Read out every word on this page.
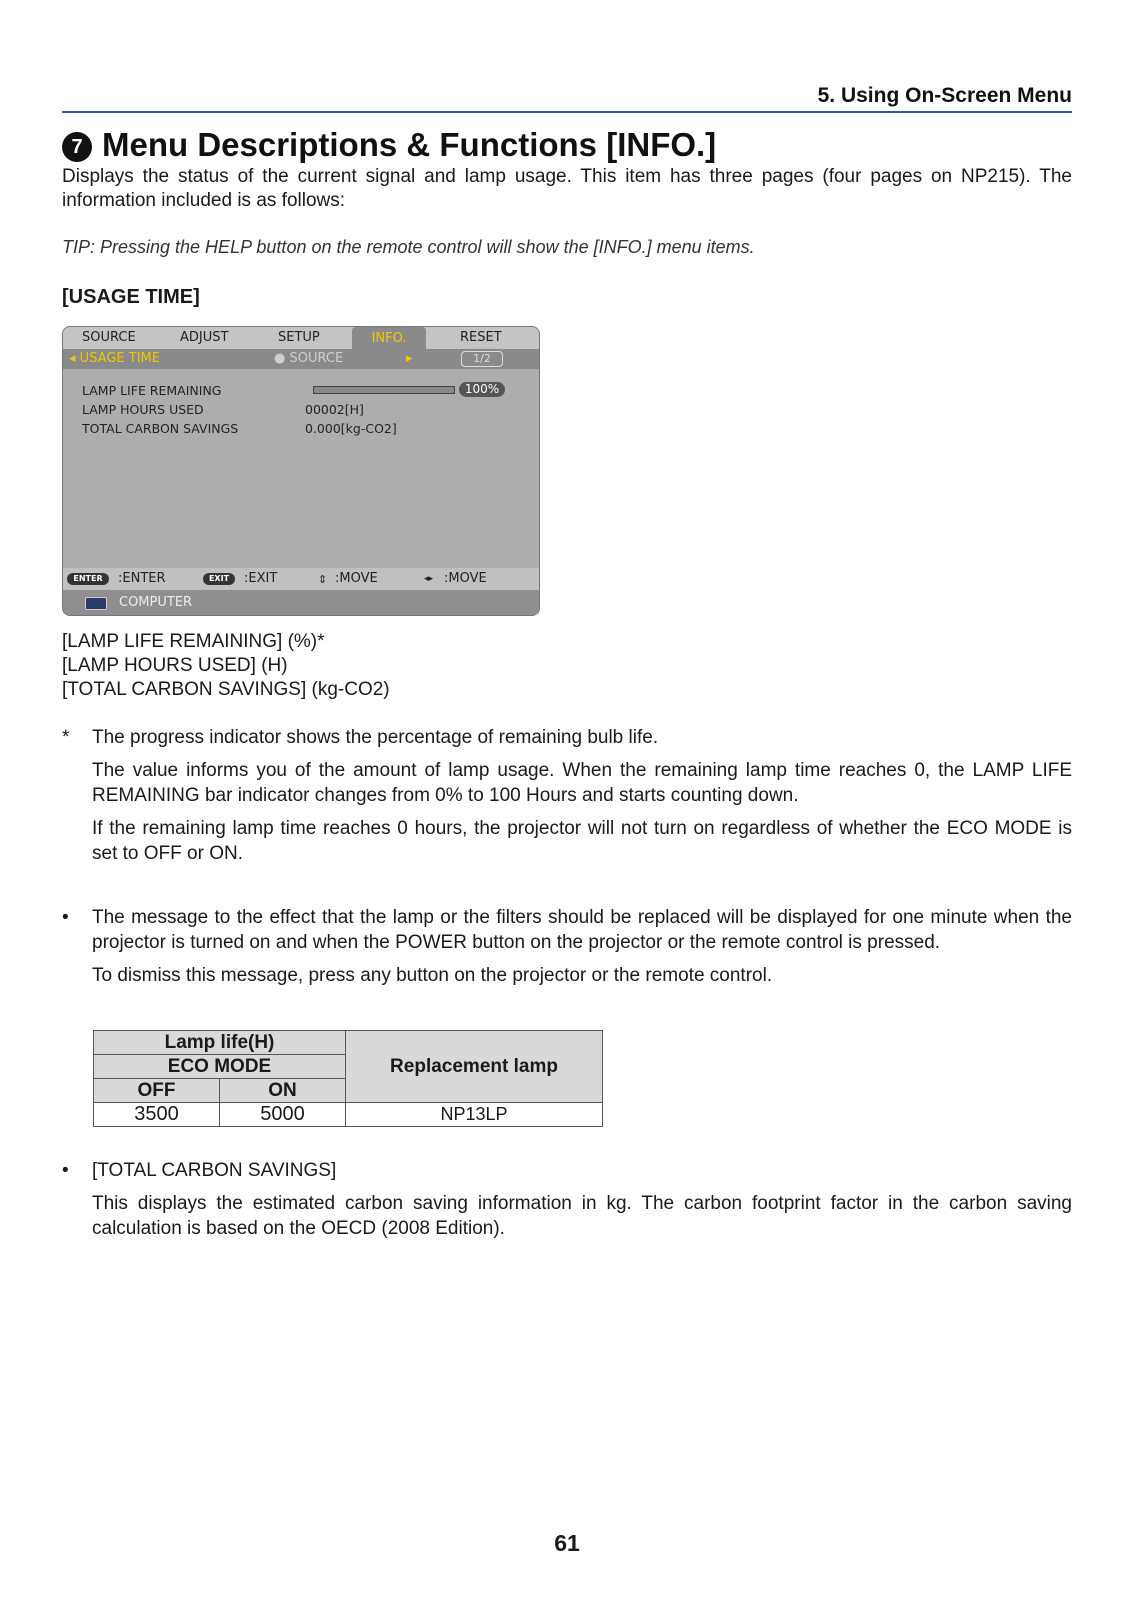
5. Using On-Screen Menu
7 Menu Descriptions & Functions [INFO.]
Displays the status of the current signal and lamp usage. This item has three pages (four pages on NP215). The information included is as follows:
TIP: Pressing the HELP button on the remote control will show the [INFO.] menu items.
[USAGE TIME]
SOURCE	ADJUST	SETUP	INFO.	RESET
◂ USAGE TIME	● SOURCE	▸	1/2
LAMP LIFE REMAINING	100%
LAMP HOURS USED	00002[H]
TOTAL CARBON SAVINGS	0.000[kg-CO2]
ENTER	:ENTER	EXIT	:EXIT	⇕ :MOVE	◂▸ :MOVE
COMPUTER
[LAMP LIFE REMAINING] (%)*
[LAMP HOURS USED] (H)
[TOTAL CARBON SAVINGS] (kg-CO2)
* The progress indicator shows the percentage of remaining bulb life.
The value informs you of the amount of lamp usage. When the remaining lamp time reaches 0, the LAMP LIFE REMAINING bar indicator changes from 0% to 100 Hours and starts counting down.
If the remaining lamp time reaches 0 hours, the projector will not turn on regardless of whether the ECO MODE is set to OFF or ON.
• The message to the effect that the lamp or the filters should be replaced will be displayed for one minute when the projector is turned on and when the POWER button on the projector or the remote control is pressed.
To dismiss this message, press any button on the projector or the remote control.
Lamp life(H)		Replacement lamp
ECO MODE		
OFF	ON	
3500	5000	NP13LP
• [TOTAL CARBON SAVINGS]
This displays the estimated carbon saving information in kg. The carbon footprint factor in the carbon saving calculation is based on the OECD (2008 Edition).
61
